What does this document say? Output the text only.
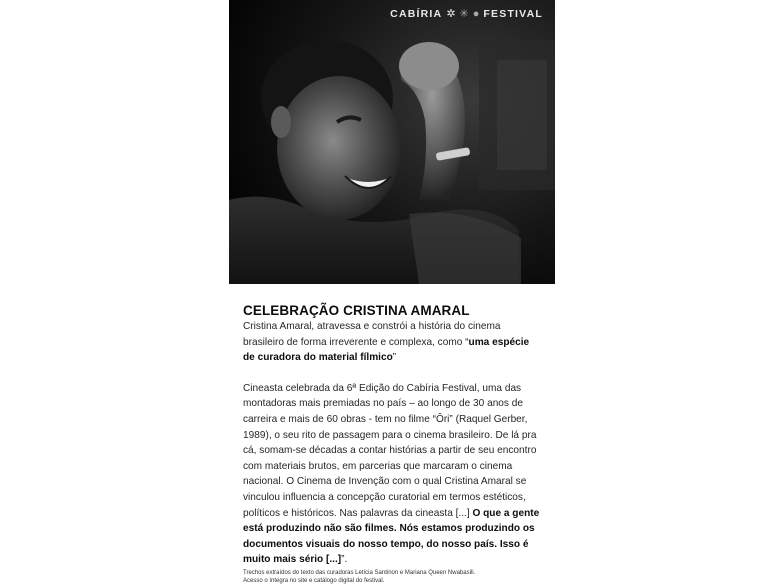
CABÍRIA ✲ ✳ ● FESTIVAL
CELEBRAÇÃO CRISTINA AMARAL

Cristina Amaral, atravessa e constrói a história do cinema brasileiro de forma irreverente e complexa, como “uma espécie de curadora do material fílmico”

Cineasta celebrada da 6ª Edição do Cabíria Festival, uma das montadoras mais premiadas no país – ao longo de 30 anos de carreira e mais de 60 obras - tem no filme “Ôri” (Raquel Gerber, 1989), o seu rito de passagem para o cinema brasileiro. De lá pra cá, somam-se décadas a contar histórias a partir de seu encontro com materiais brutos, em parcerias que marcaram o cinema nacional. O Cinema de Invenção com o qual Cristina Amaral se vinculou influencia a concepção curatorial em termos estéticos, políticos e históricos. Nas palavras da cineasta [...] O que a gente está produzindo não são filmes. Nós estamos produzindo os documentos visuais do nosso tempo, do nosso país. Isso é muito mais sério [...]”.

Trechos extraídos do texto das curadoras Letícia Santinon e Mariana Queen Nwabasili.
Acesso o íntegra no site e catálogo digital do festival.
